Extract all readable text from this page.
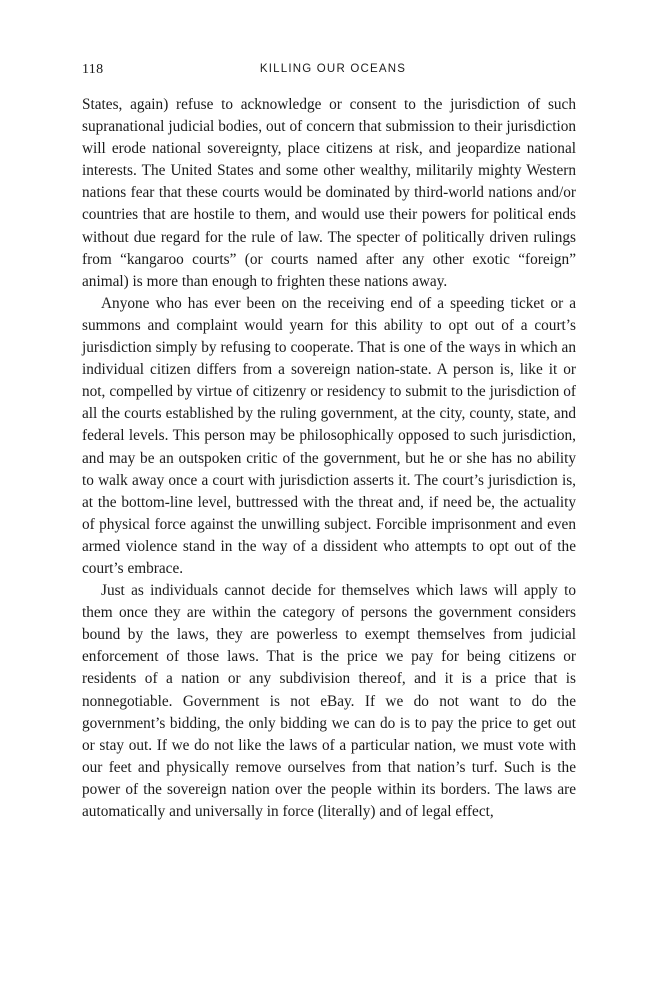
118	KILLING OUR OCEANS

States, again) refuse to acknowledge or consent to the jurisdiction of such supranational judicial bodies, out of concern that submission to their jurisdiction will erode national sovereignty, place citizens at risk, and jeopardize national interests. The United States and some other wealthy, militarily mighty Western nations fear that these courts would be dominated by third-world nations and/or countries that are hostile to them, and would use their powers for political ends without due regard for the rule of law. The specter of politically driven rulings from “kangaroo courts” (or courts named after any other exotic “foreign” animal) is more than enough to frighten these nations away.

Anyone who has ever been on the receiving end of a speeding ticket or a summons and complaint would yearn for this ability to opt out of a court’s jurisdiction simply by refusing to cooperate. That is one of the ways in which an individual citizen differs from a sovereign nation-state. A person is, like it or not, compelled by virtue of citizenry or residency to submit to the jurisdiction of all the courts established by the ruling government, at the city, county, state, and federal levels. This person may be philosophically opposed to such jurisdiction, and may be an outspoken critic of the government, but he or she has no ability to walk away once a court with jurisdiction asserts it. The court’s jurisdiction is, at the bottom-line level, buttressed with the threat and, if need be, the actuality of physical force against the unwilling subject. Forcible imprisonment and even armed violence stand in the way of a dissident who attempts to opt out of the court’s embrace.

Just as individuals cannot decide for themselves which laws will apply to them once they are within the category of persons the government considers bound by the laws, they are powerless to exempt themselves from judicial enforcement of those laws. That is the price we pay for being citizens or residents of a nation or any subdivision thereof, and it is a price that is nonnegotiable. Government is not eBay. If we do not want to do the government’s bidding, the only bidding we can do is to pay the price to get out or stay out. If we do not like the laws of a particular nation, we must vote with our feet and physically remove ourselves from that nation’s turf. Such is the power of the sovereign nation over the people within its borders. The laws are automatically and universally in force (literally) and of legal effect,
